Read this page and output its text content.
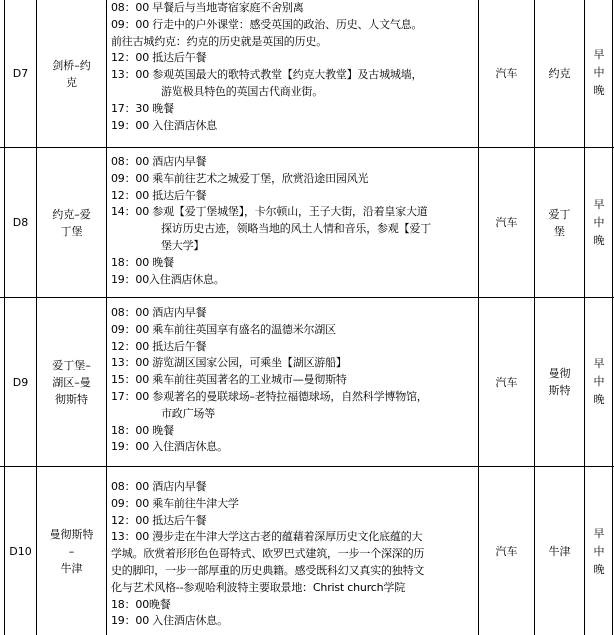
D7
剑桥–约
克
08：00 早餐后与当地寄宿家庭不舍别离
09：00 行走中的户外课堂：感受英国的政治、历史、人文气息。
前往古城约克：约克的历史就是英国的历史。
12：00 抵达后午餐
13：00 参观英国最大的歌特式教堂【约克大教堂】及古城城墙，
游览极具特色的英国古代商业街。
17：30 晚餐
19：00 入住酒店休息
汽车	约克
早
中
晚
D8
约克–爱
丁堡
08：00 酒店内早餐
09：00 乘车前往艺术之城爱丁堡，欣赏沿途田园风光
12：00 抵达后午餐
14：00 参观【爱丁堡城堡】，卡尔顿山，王子大街，沿着皇家大道
探访历史古迹，领略当地的风土人情和音乐，参观【爱丁
堡大学】
18：00 晚餐
19：00入住酒店休息。
汽车
爱丁
堡
早
中
晚
D9
爱丁堡–
湖区–曼
彻斯特
08：00 酒店内早餐
09：00 乘车前往英国享有盛名的温德米尔湖区
12：00 抵达后午餐
13：00 游览湖区国家公园，可乘坐【湖区游船】
15：00 乘车前往英国著名的工业城市—曼彻斯特
17：00 参观著名的曼联球场–老特拉福德球场，自然科学博物馆，
市政广场等
18：00 晚餐
19：00 入住酒店休息。
汽车
曼彻
斯特
早
中
晚
D10
曼彻斯特
–
牛津
08：00 酒店内早餐
09：00 乘车前往牛津大学
12：00 抵达后午餐
13：00 漫步走在牛津大学这古老的蕴藉着深厚历史文化底蕴的大
学城。欣赏着形形色色哥特式、欧罗巴式建筑，一步一个深深的历
史的脚印，一步一部厚重的历史典籍。感受既科幻又真实的独特文
化与艺术风格--参观哈利波特主要取景地：Christ church学院
18：00晚餐
19：00 入住酒店休息。
汽车	牛津
早
中
晚
